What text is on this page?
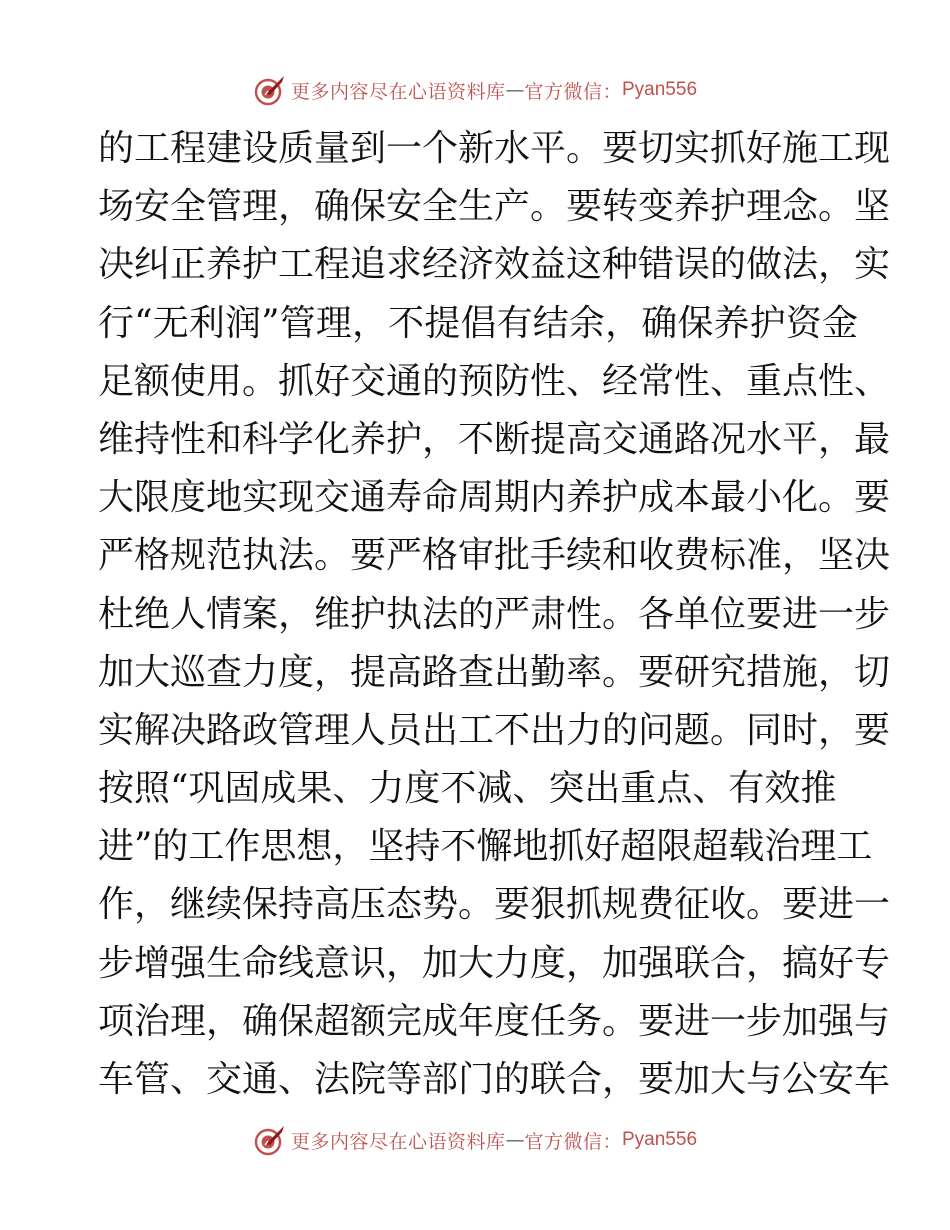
更多内容尽在心语资料库 — 官方微信： Pyan556
的工程建设质量到一个新水平。要切实抓好施工现
场安全管理，确保安全生产。要转变养护理念。坚
决纠正养护工程追求经济效益这种错误的做法，实
行“无利润”管理，不提倡有结余，确保养护资金
足额使用。抓好交通的预防性、经常性、重点性、
维持性和科学化养护，不断提高交通路况水平，最
大限度地实现交通寿命周期内养护成本最小化。要
严格规范执法。要严格审批手续和收费标准，坚决
杜绝人情案，维护执法的严肃性。各单位要进一步
加大巡查力度，提高路查出勤率。要研究措施，切
实解决路政管理人员出工不出力的问题。同时，要
按照“巩固成果、力度不减、突出重点、有效推
进”的工作思想，坚持不懈地抓好超限超载治理工
作，继续保持高压态势。要狠抓规费征收。要进一
步增强生命线意识，加大力度，加强联合，搞好专
项治理，确保超额完成年度任务。要进一步加强与
车管、交通、法院等部门的联合，要加大与公安车
更多内容尽在心语资料库 — 官方微信： Pyan556
